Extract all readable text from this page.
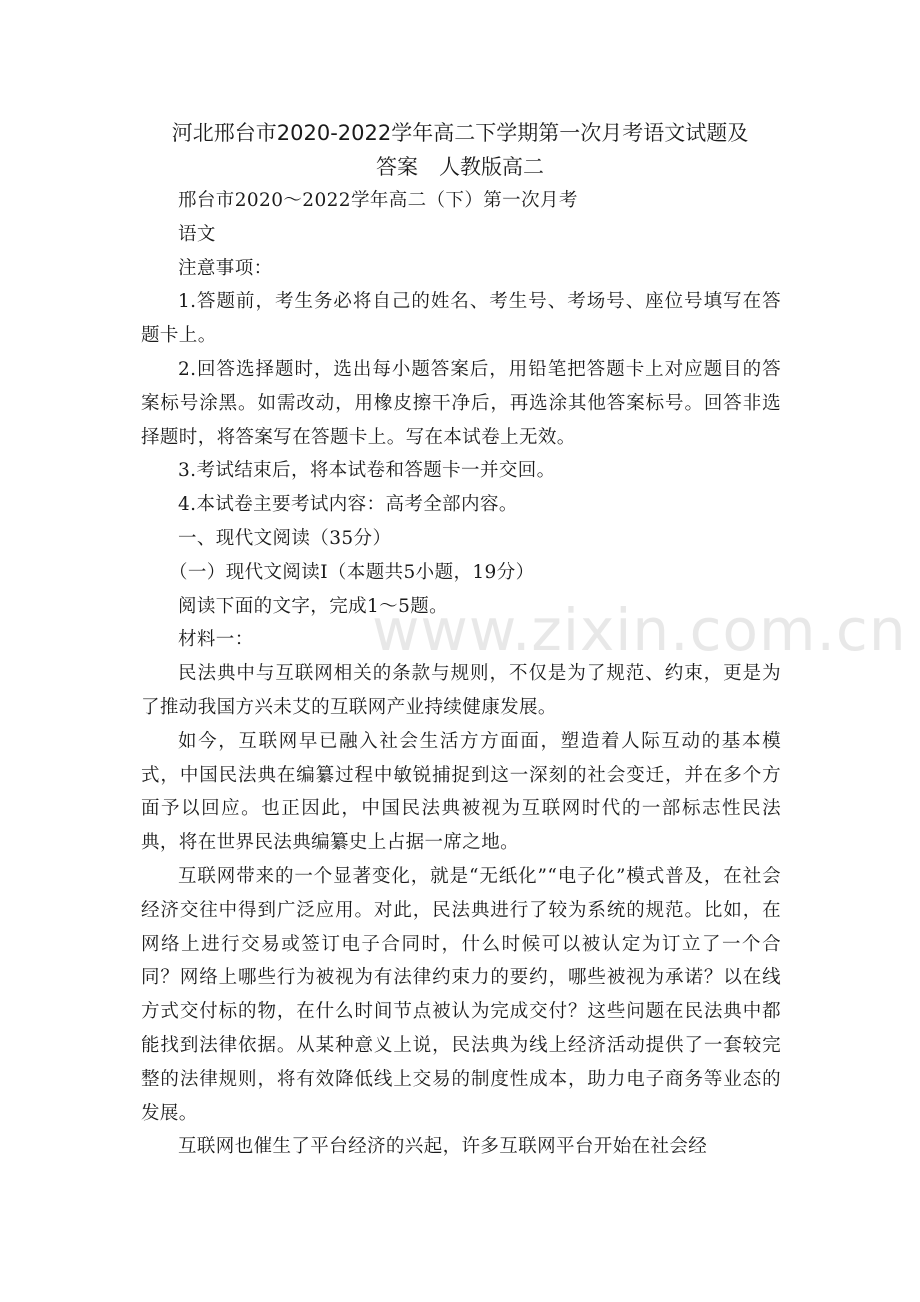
河北邢台市2020-2022学年高二下学期第一次月考语文试题及
答案　人教版高二

邢台市2020～2022学年高二（下）第一次月考

语文

注意事项：

1.答题前，考生务必将自己的姓名、考生号、考场号、座位号填写在答题卡上。

2.回答选择题时，选出每小题答案后，用铅笔把答题卡上对应题目的答案标号涂黑。如需改动，用橡皮擦干净后，再选涂其他答案标号。回答非选择题时，将答案写在答题卡上。写在本试卷上无效。

3.考试结束后，将本试卷和答题卡一并交回。

4.本试卷主要考试内容：高考全部内容。

一、现代文阅读（35分）

（一）现代文阅读Ⅰ（本题共5小题，19分）

阅读下面的文字，完成1～5题。

材料一：

民法典中与互联网相关的条款与规则，不仅是为了规范、约束，更是为了推动我国方兴未艾的互联网产业持续健康发展。

如今，互联网早已融入社会生活方方面面，塑造着人际互动的基本模式，中国民法典在编纂过程中敏锐捕捉到这一深刻的社会变迁，并在多个方面予以回应。也正因此，中国民法典被视为互联网时代的一部标志性民法典，将在世界民法典编纂史上占据一席之地。

互联网带来的一个显著变化，就是“无纸化”“电子化”模式普及，在社会经济交往中得到广泛应用。对此，民法典进行了较为系统的规范。比如，在网络上进行交易或签订电子合同时，什么时候可以被认定为订立了一个合同？网络上哪些行为被视为有法律约束力的要约，哪些被视为承诺？以在线方式交付标的物，在什么时间节点被认为完成交付？这些问题在民法典中都能找到法律依据。从某种意义上说，民法典为线上经济活动提供了一套较完整的法律规则，将有效降低线上交易的制度性成本，助力电子商务等业态的发展。

互联网也催生了平台经济的兴起，许多互联网平台开始在社会经

www.zixin.com.cn
